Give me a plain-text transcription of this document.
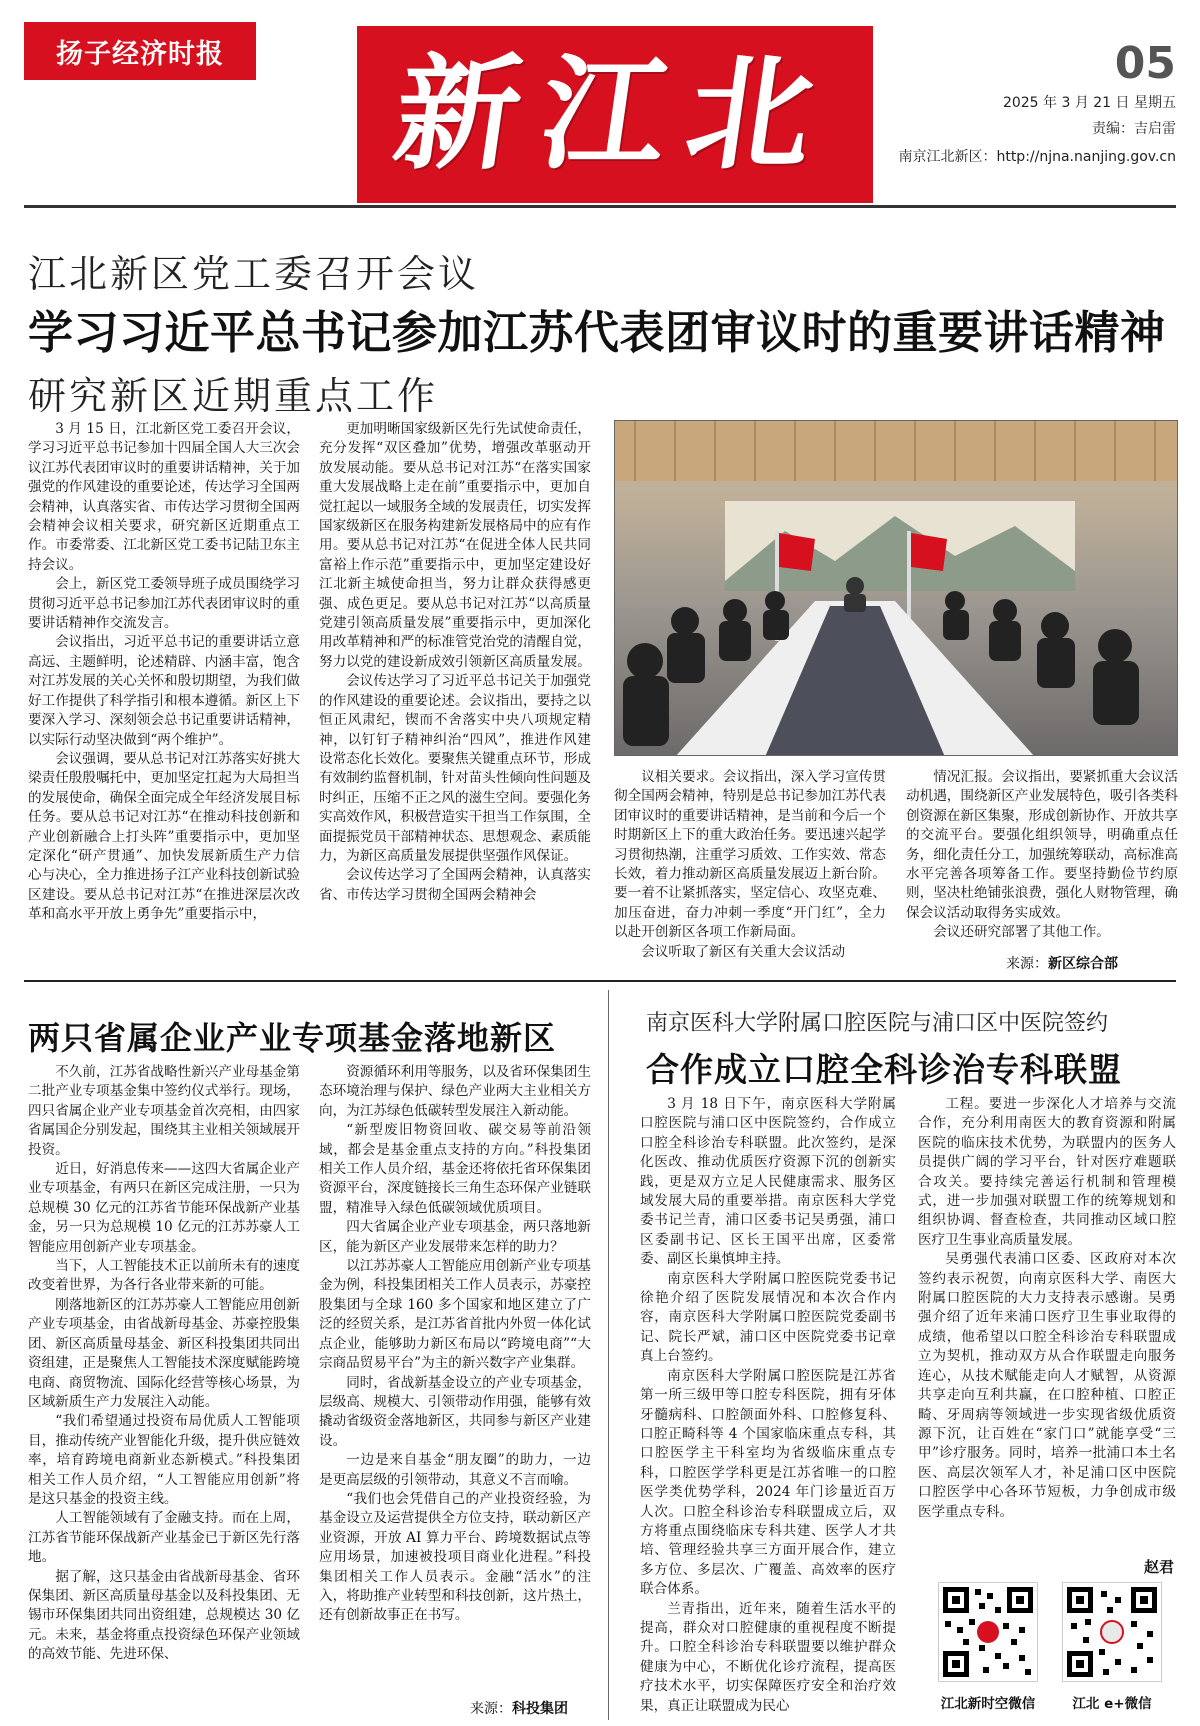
扬子经济时报 新江北	05
2025 年 3 月 21 日 星期五
责编：吉启雷
南京江北新区：http://njna.nanjing.gov.cn
江北新区党工委召开会议
学习习近平总书记参加江苏代表团审议时的重要讲话精神
研究新区近期重点工作

3 月 15 日，江北新区党工委召开会议，学习习近平总书记参加十四届全国人大三次会议江苏代表团审议时的重要讲话精神，关于加强党的作风建设的重要论述，传达学习全国两会精神，认真落实省、市传达学习贯彻全国两会精神会议相关要求，研究新区近期重点工作。市委常委、江北新区党工委书记陆卫东主持会议。

会上，新区党工委领导班子成员围绕学习贯彻习近平总书记参加江苏代表团审议时的重要讲话精神作交流发言。

会议指出，习近平总书记的重要讲话立意高远、主题鲜明，论述精辟、内涵丰富，饱含对江苏发展的关心关怀和殷切期望，为我们做好工作提供了科学指引和根本遵循。新区上下要深入学习、深刻领会总书记重要讲话精神，以实际行动坚决做到“两个维护”。

会议强调，要从总书记对江苏落实好挑大梁责任殷殷嘱托中，更加坚定扛起为大局担当的发展使命，确保全面完成全年经济发展目标任务。要从总书记对江苏“在推动科技创新和产业创新融合上打头阵”重要指示中，更加坚定深化“研产贯通”、加快发展新质生产力信心与决心，全力推进扬子江产业科技创新试验区建设。要从总书记对江苏“在推进深层次改革和高水平开放上勇争先”重要指示中，

更加明晰国家级新区先行先试使命责任，充分发挥“双区叠加”优势，增强改革驱动开放发展动能。要从总书记对江苏“在落实国家重大发展战略上走在前”重要指示中，更加自觉扛起以一域服务全域的发展责任，切实发挥国家级新区在服务构建新发展格局中的应有作用。要从总书记对江苏“在促进全体人民共同富裕上作示范”重要指示中，更加坚定建设好江北新主城使命担当，努力让群众获得感更强、成色更足。要从总书记对江苏“以高质量党建引领高质量发展”重要指示中，更加深化用改革精神和严的标准管党治党的清醒自觉，努力以党的建设新成效引领新区高质量发展。

会议传达学习了习近平总书记关于加强党的作风建设的重要论述。会议指出，要持之以恒正风肃纪，锲而不舍落实中央八项规定精神，以钉钉子精神纠治“四风”，推进作风建设常态化长效化。要聚焦关键重点环节，形成有效制约监督机制，针对苗头性倾向性问题及时纠正，压缩不正之风的滋生空间。要强化务实高效作风，积极营造实干担当工作氛围，全面提振党员干部精神状态、思想观念、素质能力，为新区高质量发展提供坚强作风保证。

会议传达学习了全国两会精神，认真落实省、市传达学习贯彻全国两会精神会

议相关要求。会议指出，深入学习宣传贯彻全国两会精神，特别是总书记参加江苏代表团审议时的重要讲话精神，是当前和今后一个时期新区上下的重大政治任务。要迅速兴起学习贯彻热潮，注重学习质效、工作实效、常态长效，着力推动新区高质量发展迈上新台阶。要一着不让紧抓落实，坚定信心、攻坚克难、加压奋进，奋力冲刺一季度“开门红”，全力以赴开创新区各项工作新局面。

会议听取了新区有关重大会议活动

情况汇报。会议指出，要紧抓重大会议活动机遇，围绕新区产业发展特色，吸引各类科创资源在新区集聚，形成创新协作、开放共享的交流平台。要强化组织领导，明确重点任务，细化责任分工，加强统筹联动，高标准高水平完善各项筹备工作。要坚持勤俭节约原则，坚决杜绝铺张浪费，强化人财物管理，确保会议活动取得务实成效。

会议还研究部署了其他工作。

来源：新区综合部
两只省属企业产业专项基金落地新区

不久前，江苏省战略性新兴产业母基金第二批产业专项基金集中签约仪式举行。现场，四只省属企业产业专项基金首次亮相，由四家省属国企分别发起，围绕其主业相关领域展开投资。

近日，好消息传来——这四大省属企业产业专项基金，有两只在新区完成注册，一只为总规模 30 亿元的江苏省节能环保战新产业基金，另一只为总规模 10 亿元的江苏苏豪人工智能应用创新产业专项基金。

当下，人工智能技术正以前所未有的速度改变着世界，为各行各业带来新的可能。

刚落地新区的江苏苏豪人工智能应用创新产业专项基金，由省战新母基金、苏豪控股集团、新区高质量母基金、新区科投集团共同出资组建，正是聚焦人工智能技术深度赋能跨境电商、商贸物流、国际化经营等核心场景，为区域新质生产力发展注入动能。

“我们希望通过投资布局优质人工智能项目，推动传统产业智能化升级，提升供应链效率，培育跨境电商新业态新模式。”科投集团相关工作人员介绍，“人工智能应用创新”将是这只基金的投资主线。

人工智能领域有了金融支持。而在上周，江苏省节能环保战新产业基金已于新区先行落地。

据了解，这只基金由省战新母基金、省环保集团、新区高质量母基金以及科投集团、无锡市环保集团共同出资组建，总规模达 30 亿元。未来，基金将重点投资绿色环保产业领域的高效节能、先进环保、

资源循环利用等服务，以及省环保集团生态环境治理与保护、绿色产业两大主业相关方向，为江苏绿色低碳转型发展注入新动能。

“新型废旧物资回收、碳交易等前沿领域，都会是基金重点支持的方向。”科投集团相关工作人员介绍，基金还将依托省环保集团资源平台，深度链接长三角生态环保产业链联盟，精准导入绿色低碳领域优质项目。

四大省属企业产业专项基金，两只落地新区，能为新区产业发展带来怎样的助力？

以江苏苏豪人工智能应用创新产业专项基金为例，科投集团相关工作人员表示，苏豪控股集团与全球 160 多个国家和地区建立了广泛的经贸关系，是江苏省首批内外贸一体化试点企业，能够助力新区布局以“跨境电商”“大宗商品贸易平台”为主的新兴数字产业集群。

同时，省战新基金设立的产业专项基金，层级高、规模大、引领带动作用强，能够有效撬动省级资金落地新区，共同参与新区产业建设。

一边是来自基金“朋友圈”的助力，一边是更高层级的引领带动，其意义不言而喻。

“我们也会凭借自己的产业投资经验，为基金设立及运营提供全方位支持，联动新区产业资源，开放 AI 算力平台、跨境数据试点等应用场景，加速被投项目商业化进程。”科投集团相关工作人员表示。金融“活水”的注入，将助推产业转型和科技创新，这片热土，还有创新故事正在书写。

来源：科投集团
南京医科大学附属口腔医院与浦口区中医院签约
合作成立口腔全科诊治专科联盟

3 月 18 日下午，南京医科大学附属口腔医院与浦口区中医院签约，合作成立口腔全科诊治专科联盟。此次签约，是深化医改、推动优质医疗资源下沉的创新实践，更是双方立足人民健康需求、服务区域发展大局的重要举措。南京医科大学党委书记兰青，浦口区委书记吴勇强，浦口区委副书记、区长王国平出席，区委常委、副区长巢慎坤主持。

南京医科大学附属口腔医院党委书记徐艳介绍了医院发展情况和本次合作内容，南京医科大学附属口腔医院党委副书记、院长严斌，浦口区中医院党委书记章真上台签约。

南京医科大学附属口腔医院是江苏省第一所三级甲等口腔专科医院，拥有牙体牙髓病科、口腔颌面外科、口腔修复科、口腔正畸科等 4 个国家临床重点专科，其口腔医学主干科室均为省级临床重点专科，口腔医学学科更是江苏省唯一的口腔医学类优势学科，2024 年门诊量近百万人次。口腔全科诊治专科联盟成立后，双方将重点围绕临床专科共建、医学人才共培、管理经验共享三方面开展合作，建立多方位、多层次、广覆盖、高效率的医疗联合体系。

兰青指出，近年来，随着生活水平的提高，群众对口腔健康的重视程度不断提升。口腔全科诊治专科联盟要以维护群众健康为中心，不断优化诊疗流程，提高医疗技术水平，切实保障医疗安全和治疗效果，真正让联盟成为民心

工程。要进一步深化人才培养与交流合作，充分利用南医大的教育资源和附属医院的临床技术优势，为联盟内的医务人员提供广阔的学习平台，针对医疗难题联合攻关。要持续完善运行机制和管理模式，进一步加强对联盟工作的统筹规划和组织协调、督查检查，共同推动区域口腔医疗卫生事业高质量发展。

吴勇强代表浦口区委、区政府对本次签约表示祝贺，向南京医科大学、南医大附属口腔医院的大力支持表示感谢。吴勇强介绍了近年来浦口医疗卫生事业取得的成绩，他希望以口腔全科诊治专科联盟成立为契机，推动双方从合作联盟走向服务连心，从技术赋能走向人才赋智，从资源共享走向互利共赢，在口腔种植、口腔正畸、牙周病等领域进一步实现省级优质资源下沉，让百姓在“家门口”就能享受“三甲”诊疗服务。同时，培养一批浦口本土名医、高层次领军人才，补足浦口区中医院口腔医学中心各环节短板，力争创成市级医学重点专科。

赵君
江北新时空微信	江北 e+微信
